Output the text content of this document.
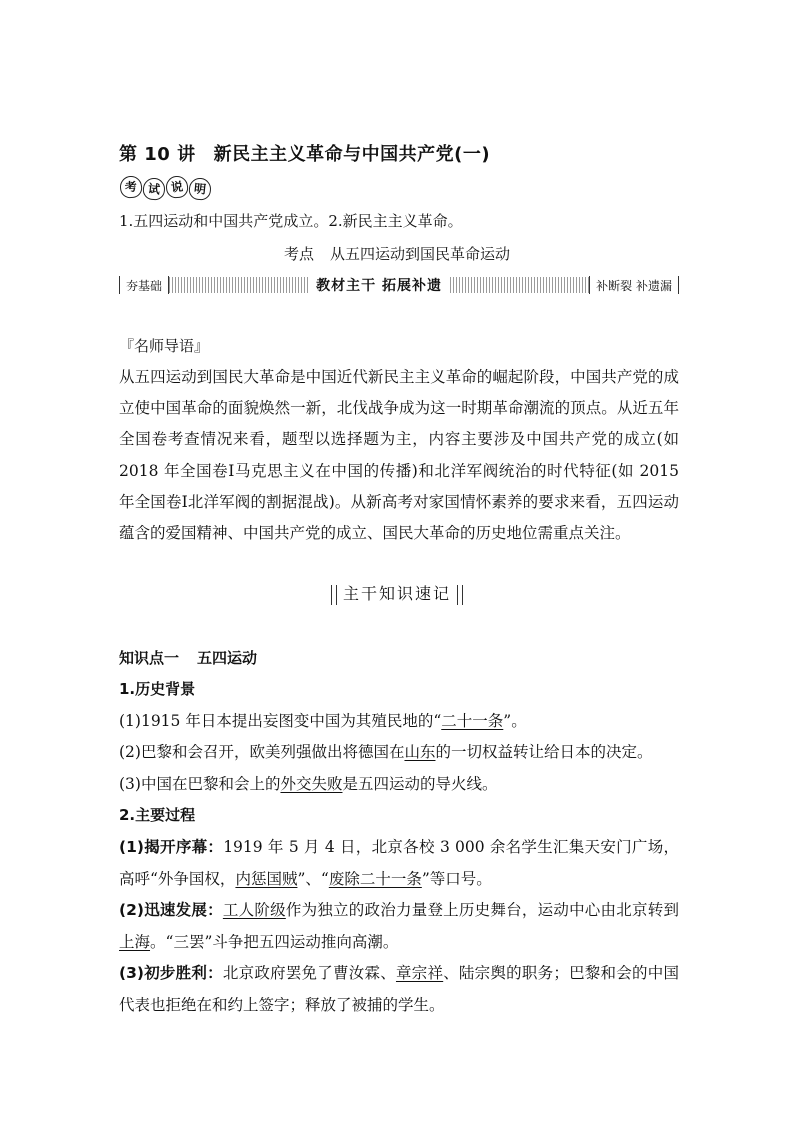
第 10 讲 新民主主义革命与中国共产党(一)
考 试 说 明
1.五四运动和中国共产党成立。2.新民主主义革命。
考点 从五四运动到国民革命运动
夯基础	教材主干 拓展补遗	补断裂 补遗漏
『名师导语』
从五四运动到国民大革命是中国近代新民主主义革命的崛起阶段，中国共产党的成立使中国革命的面貌焕然一新，北伐战争成为这一时期革命潮流的顶点。从近五年全国卷考查情况来看，题型以选择题为主，内容主要涉及中国共产党的成立(如 2018 年全国卷Ⅰ马克思主义在中国的传播)和北洋军阀统治的时代特征(如 2015 年全国卷Ⅰ北洋军阀的割据混战)。从新高考对家国情怀素养的要求来看，五四运动蕴含的爱国精神、中国共产党的成立、国民大革命的历史地位需重点关注。
主干知识速记
知识点一 五四运动
1.历史背景
(1)1915 年日本提出妄图变中国为其殖民地的“二十一条”。
(2)巴黎和会召开，欧美列强做出将德国在山东的一切权益转让给日本的决定。
(3)中国在巴黎和会上的外交失败是五四运动的导火线。
2.主要过程
(1)揭开序幕：1919 年 5 月 4 日，北京各校 3 000 余名学生汇集天安门广场，高呼“外争国权，内惩国贼”、“废除二十一条”等口号。
(2)迅速发展：工人阶级作为独立的政治力量登上历史舞台，运动中心由北京转到上海。“三罢”斗争把五四运动推向高潮。
(3)初步胜利：北京政府罢免了曹汝霖、章宗祥、陆宗舆的职务；巴黎和会的中国代表也拒绝在和约上签字；释放了被捕的学生。
